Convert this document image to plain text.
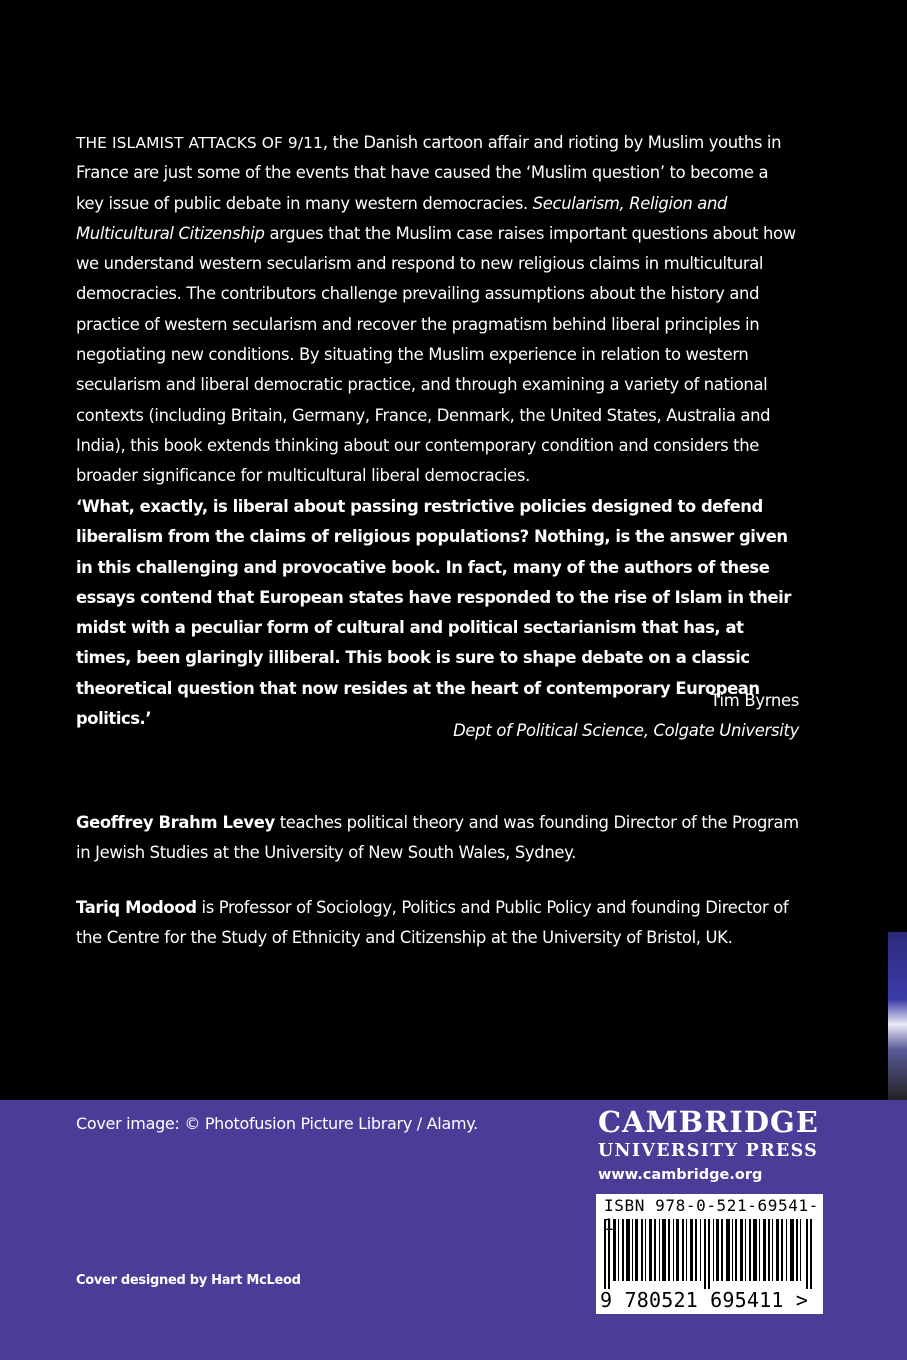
THE ISLAMIST ATTACKS OF 9/11, the Danish cartoon affair and rioting by Muslim youths in France are just some of the events that have caused the ‘Muslim question’ to become a key issue of public debate in many western democracies. Secularism, Religion and Multicultural Citizenship argues that the Muslim case raises important questions about how we understand western secularism and respond to new religious claims in multicultural democracies. The contributors challenge prevailing assumptions about the history and practice of western secularism and recover the pragmatism behind liberal principles in negotiating new conditions. By situating the Muslim experience in relation to western secularism and liberal democratic practice, and through examining a variety of national contexts (including Britain, Germany, France, Denmark, the United States, Australia and India), this book extends thinking about our contemporary condition and considers the broader significance for multicultural liberal democracies.

‘What, exactly, is liberal about passing restrictive policies designed to defend liberalism from the claims of religious populations? Nothing, is the answer given in this challenging and provocative book. In fact, many of the authors of these essays contend that European states have responded to the rise of Islam in their midst with a peculiar form of cultural and political sectarianism that has, at times, been glaringly illiberal. This book is sure to shape debate on a classic theoretical question that now resides at the heart of contemporary European politics.’

Tim Byrnes
Dept of Political Science, Colgate University

Geoffrey Brahm Levey teaches political theory and was founding Director of the Program in Jewish Studies at the University of New South Wales, Sydney.

Tariq Modood is Professor of Sociology, Politics and Public Policy and founding Director of the Centre for the Study of Ethnicity and Citizenship at the University of Bristol, UK.

Cover image: © Photofusion Picture Library / Alamy.
Cover designed by Hart McLeod
CAMBRIDGE
UNIVERSITY PRESS
www.cambridge.org
ISBN 978-0-521-69541-1
9 780521 695411 >
